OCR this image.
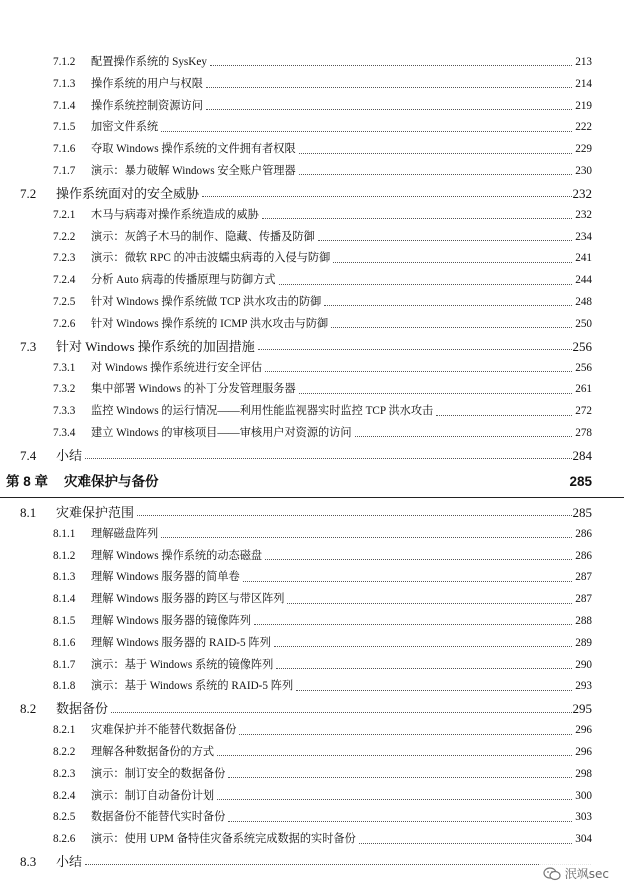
7.1.2	配置操作系统的 SysKey	213
7.1.3	操作系统的用户与权限	214
7.1.4	操作系统控制资源访问	219
7.1.5	加密文件系统	222
7.1.6	夺取 Windows 操作系统的文件拥有者权限	229
7.1.7	演示：暴力破解 Windows 安全账户管理器	230
7.2	操作系统面对的安全威胁	232
7.2.1	木马与病毒对操作系统造成的威胁	232
7.2.2	演示：灰鸽子木马的制作、隐藏、传播及防御	234
7.2.3	演示：微软 RPC 的冲击波蠕虫病毒的入侵与防御	241
7.2.4	分析 Auto 病毒的传播原理与防御方式	244
7.2.5	针对 Windows 操作系统做 TCP 洪水攻击的防御	248
7.2.6	针对 Windows 操作系统的 ICMP 洪水攻击与防御	250
7.3	针对 Windows 操作系统的加固措施	256
7.3.1	对 Windows 操作系统进行安全评估	256
7.3.2	集中部署 Windows 的补丁分发管理服务器	261
7.3.3	监控 Windows 的运行情况——利用性能监视器实时监控 TCP 洪水攻击	272
7.3.4	建立 Windows 的审核项目——审核用户对资源的访问	278
7.4	小结	284
第 8 章	灾难保护与备份	285
8.1	灾难保护范围	285
8.1.1	理解磁盘阵列	286
8.1.2	理解 Windows 操作系统的动态磁盘	286
8.1.3	理解 Windows 服务器的简单卷	287
8.1.4	理解 Windows 服务器的跨区与带区阵列	287
8.1.5	理解 Windows 服务器的镜像阵列	288
8.1.6	理解 Windows 服务器的 RAID-5 阵列	289
8.1.7	演示：基于 Windows 系统的镜像阵列	290
8.1.8	演示：基于 Windows 系统的 RAID-5 阵列	293
8.2	数据备份	295
8.2.1	灾难保护并不能替代数据备份	296
8.2.2	理解各种数据备份的方式	296
8.2.3	演示：制订安全的数据备份	298
8.2.4	演示：制订自动备份计划	300
8.2.5	数据备份不能替代实时备份	303
8.2.6	演示：使用 UPM 备特佳灾备系统完成数据的实时备份	304
8.3	小结
泯飒sec
